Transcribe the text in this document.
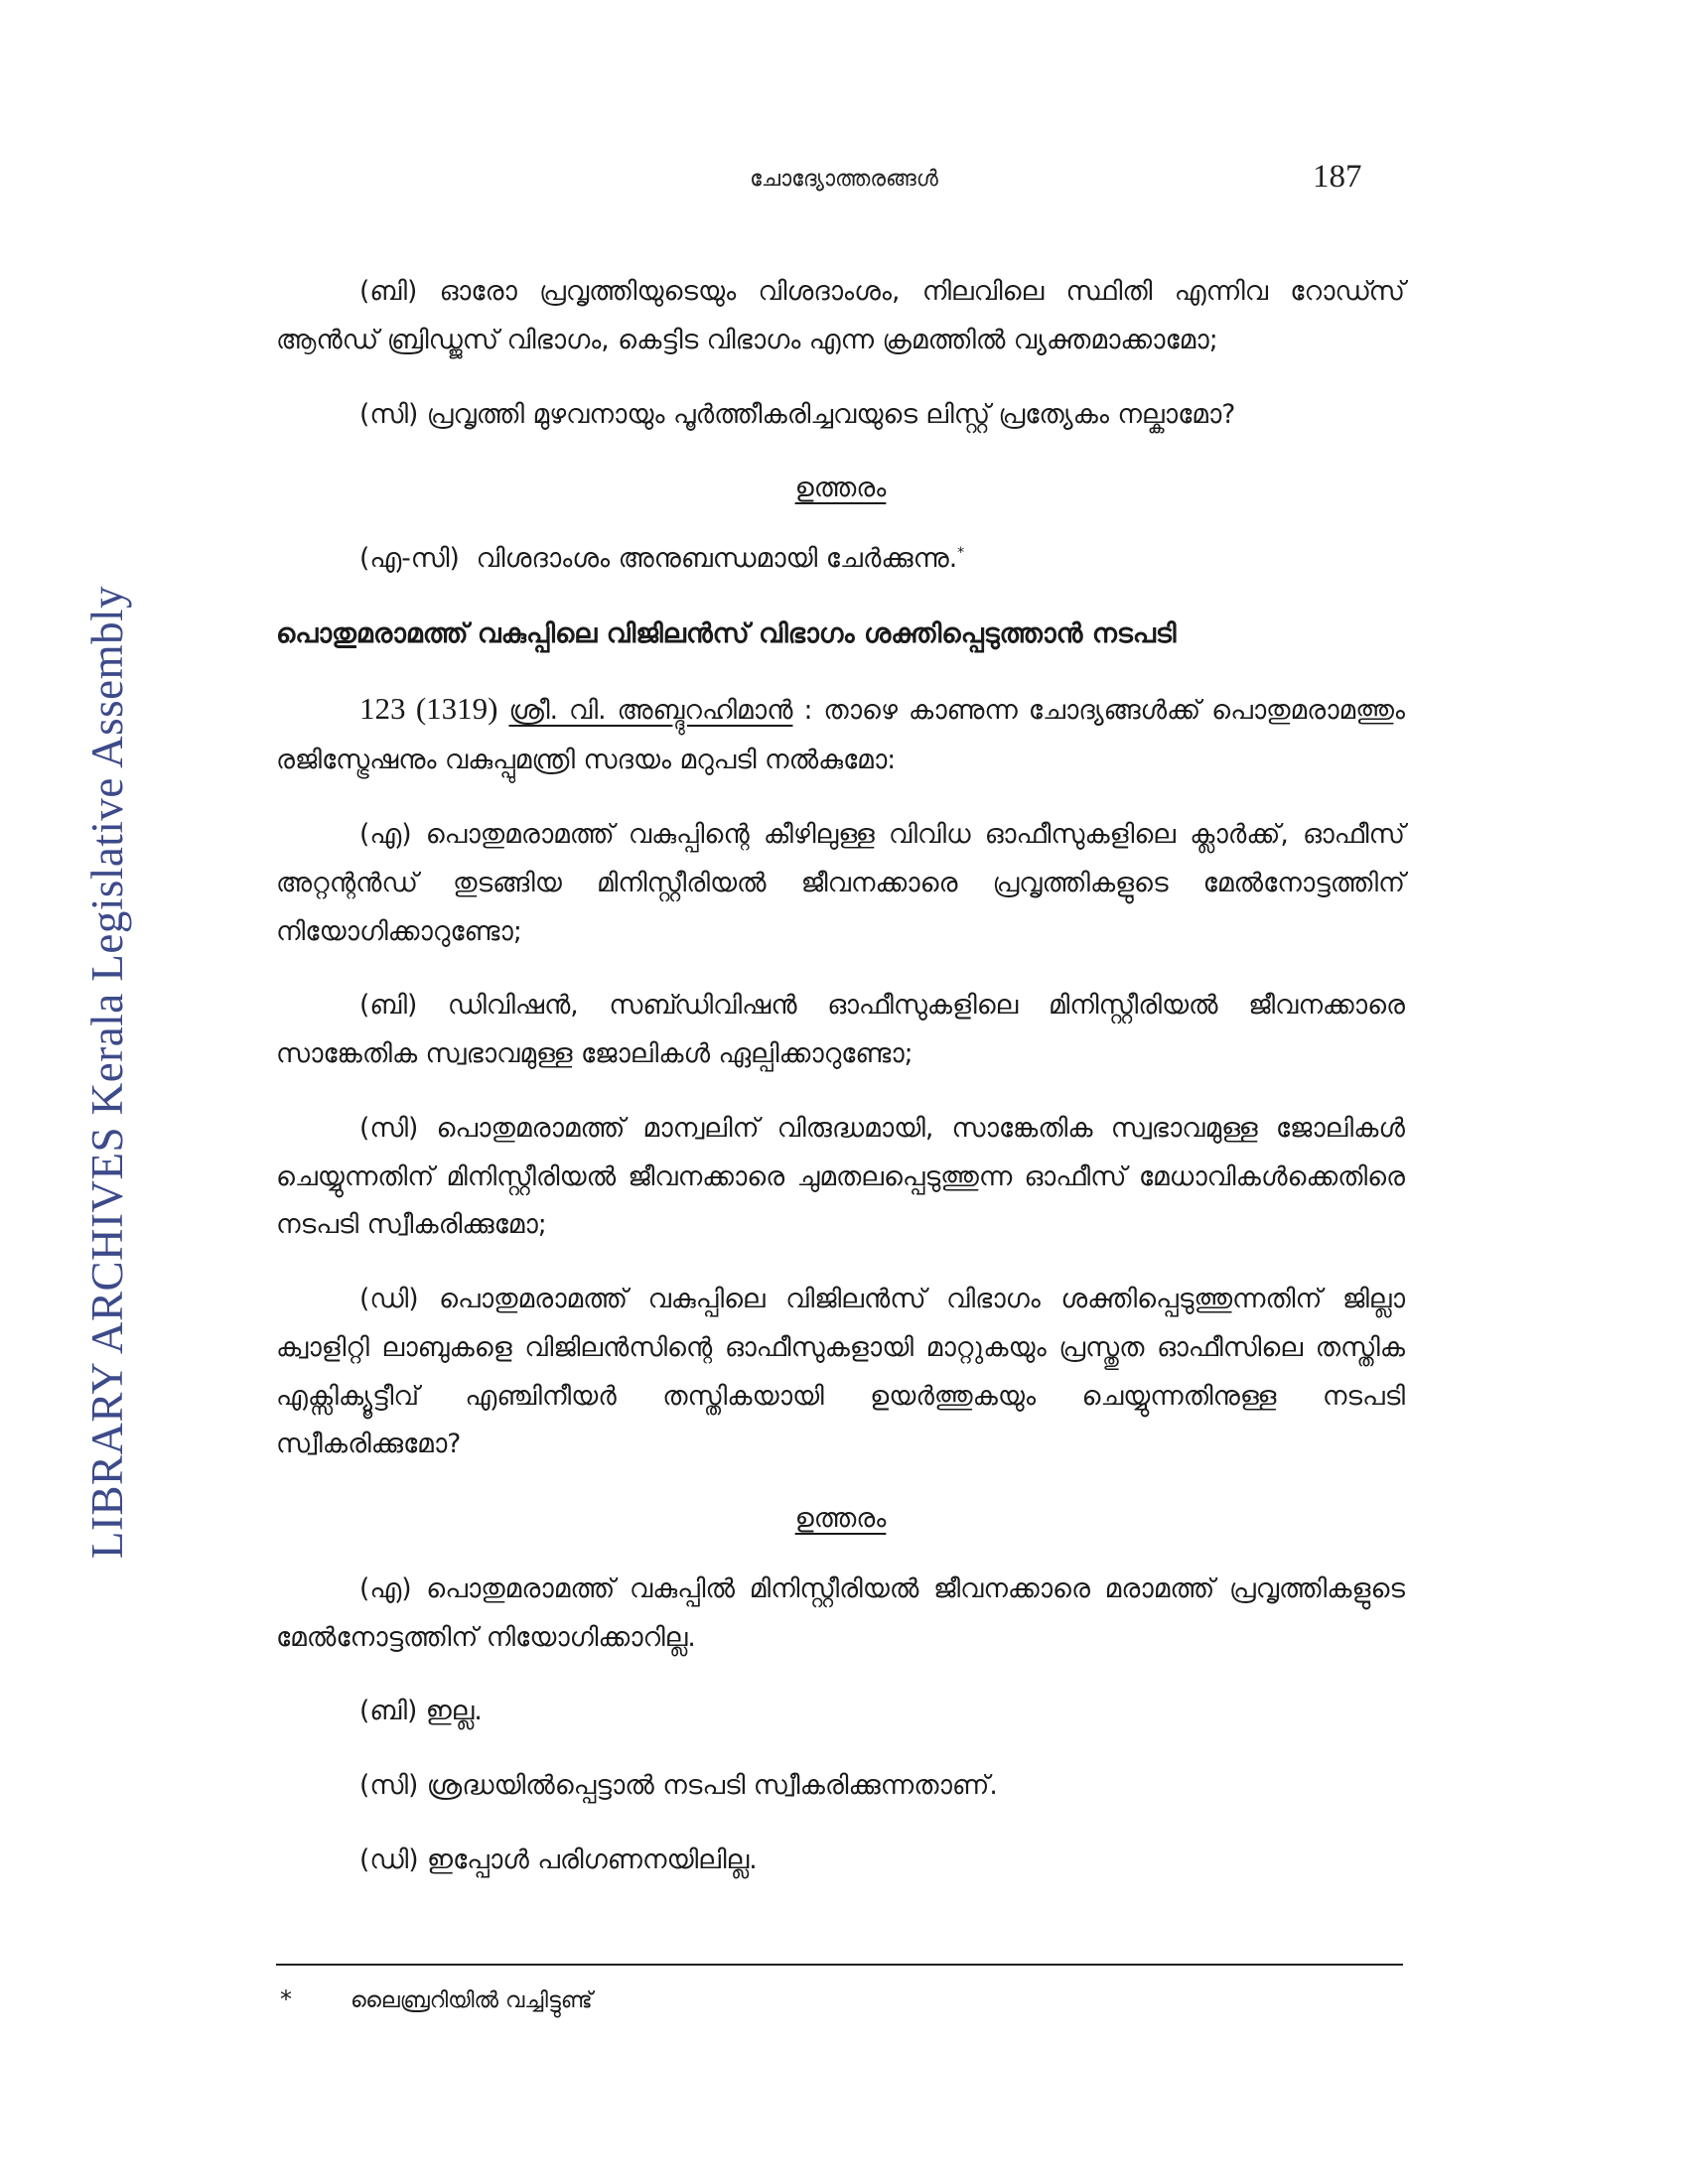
LIBRARY ARCHIVES Kerala Legislative Assembly
ചോദ്യോത്തരങ്ങൾ	187

(ബി) ഓരോ പ്രവൃത്തിയുടെയും വിശദാംശം, നിലവിലെ സ്ഥിതി എന്നിവ റോഡ്സ് ആൻഡ് ബ്രിഡ്ജസ് വിഭാഗം, കെട്ടിട വിഭാഗം എന്ന ക്രമത്തിൽ വ്യക്തമാക്കാമോ;

(സി) പ്രവൃത്തി മുഴവനായും പൂർത്തീകരിച്ചവയുടെ ലിസ്റ്റ് പ്രത്യേകം നല്കാമോ?

ഉത്തരം

(എ-സി) വിശദാംശം അനുബന്ധമായി ചേർക്കുന്നു.*

പൊതുമരാമത്ത് വകുപ്പിലെ വിജിലൻസ് വിഭാഗം ശക്തിപ്പെടുത്താൻ നടപടി

123 (1319) ശ്രീ. വി. അബ്ദുറഹിമാൻ : താഴെ കാണുന്ന ചോദ്യങ്ങൾക്ക് പൊതുമരാമത്തും രജിസ്ട്രേഷനും വകുപ്പുമന്ത്രി സദയം മറുപടി നൽകുമോ:

(എ) പൊതുമരാമത്ത് വകുപ്പിന്റെ കീഴിലുള്ള വിവിധ ഓഫീസുകളിലെ ക്ലാർക്ക്, ഓഫീസ് അറ്റന്റൻഡ് തുടങ്ങിയ മിനിസ്റ്റീരിയൽ ജീവനക്കാരെ പ്രവൃത്തികളുടെ മേൽനോട്ടത്തിന് നിയോഗിക്കാറുണ്ടോ;

(ബി) ഡിവിഷൻ, സബ്ഡിവിഷൻ ഓഫീസുകളിലെ മിനിസ്റ്റീരിയൽ ജീവനക്കാരെ സാങ്കേതിക സ്വഭാവമുള്ള ജോലികൾ ഏല്പിക്കാറുണ്ടോ;

(സി) പൊതുമരാമത്ത് മാന്വലിന് വിരുദ്ധമായി, സാങ്കേതിക സ്വഭാവമുള്ള ജോലികൾ ചെയ്യുന്നതിന് മിനിസ്റ്റീരിയൽ ജീവനക്കാരെ ചുമതലപ്പെടുത്തുന്ന ഓഫീസ് മേധാവികൾക്കെതിരെ നടപടി സ്വീകരിക്കുമോ;

(ഡി) പൊതുമരാമത്ത് വകുപ്പിലെ വിജിലൻസ് വിഭാഗം ശക്തിപ്പെടുത്തുന്നതിന് ജില്ലാ ക്വാളിറ്റി ലാബുകളെ വിജിലൻസിന്റെ ഓഫീസുകളായി മാറ്റുകയും പ്രസ്തുത ഓഫീസിലെ തസ്തിക എക്സിക്യൂട്ടീവ് എഞ്ചിനീയർ തസ്തികയായി ഉയർത്തുകയും ചെയ്യുന്നതിനുള്ള നടപടി സ്വീകരിക്കുമോ?

ഉത്തരം

(എ) പൊതുമരാമത്ത് വകുപ്പിൽ മിനിസ്റ്റീരിയൽ ജീവനക്കാരെ മരാമത്ത് പ്രവൃത്തികളുടെ മേൽനോട്ടത്തിന് നിയോഗിക്കാറില്ല.

(ബി) ഇല്ല.

(സി) ശ്രദ്ധയിൽപ്പെട്ടാൽ നടപടി സ്വീകരിക്കുന്നതാണ്.

(ഡി) ഇപ്പോൾ പരിഗണനയിലില്ല.

*	ലൈബ്രറിയിൽ വച്ചിട്ടുണ്ട്
